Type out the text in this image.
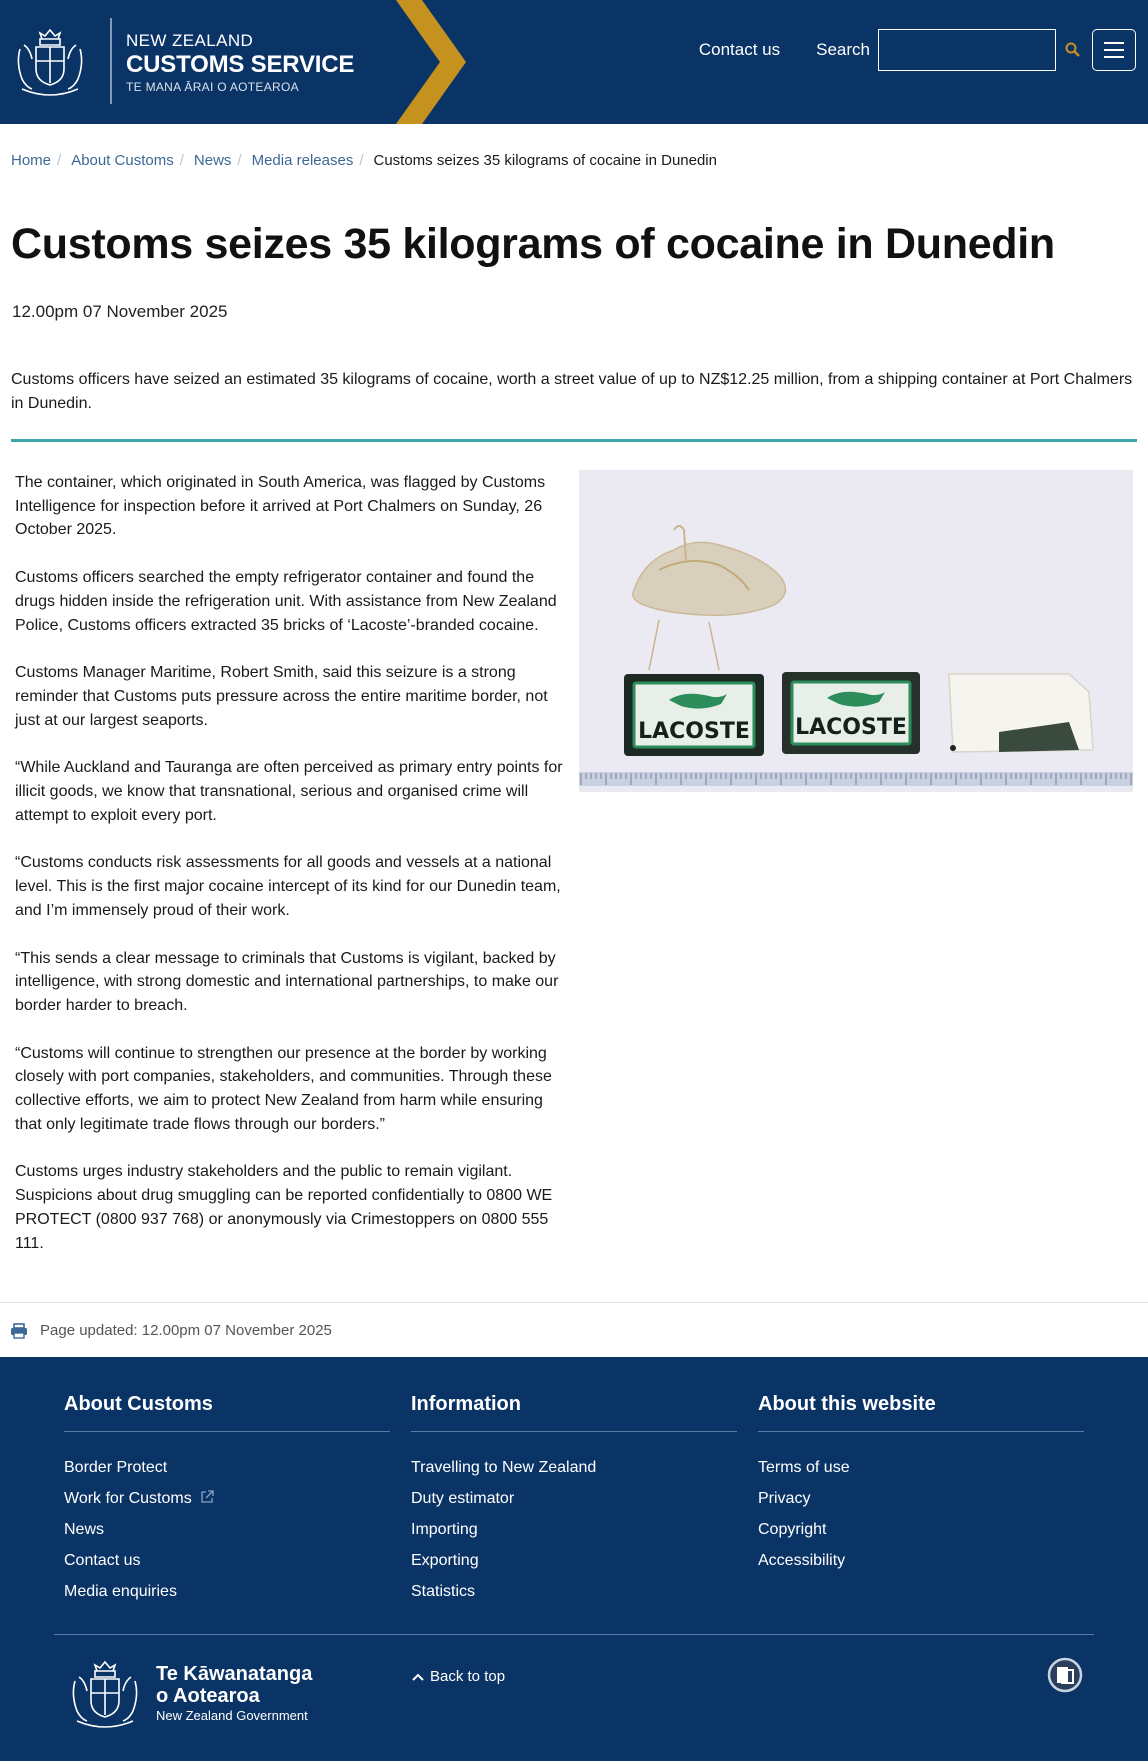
NEW ZEALAND
CUSTOMS SERVICE
TE MANA ĀRAI O AOTEAROA
Contact us Search
Home / About Customs / News / Media releases / Customs seizes 35 kilograms of cocaine in Dunedin
Customs seizes 35 kilograms of cocaine in Dunedin
12.00pm 07 November 2025

Customs officers have seized an estimated 35 kilograms of cocaine, worth a street value of up to NZ$12.25 million, from a shipping container at Port Chalmers in Dunedin.

The container, which originated in South America, was flagged by Customs Intelligence for inspection before it arrived at Port Chalmers on Sunday, 26 October 2025.

Customs officers searched the empty refrigerator container and found the drugs hidden inside the refrigeration unit. With assistance from New Zealand Police, Customs officers extracted 35 bricks of ‘Lacoste’-branded cocaine.

Customs Manager Maritime, Robert Smith, said this seizure is a strong reminder that Customs puts pressure across the entire maritime border, not just at our largest seaports.

“While Auckland and Tauranga are often perceived as primary entry points for illicit goods, we know that transnational, serious and organised crime will attempt to exploit every port.

“Customs conducts risk assessments for all goods and vessels at a national level. This is the first major cocaine intercept of its kind for our Dunedin team, and I’m immensely proud of their work.

“This sends a clear message to criminals that Customs is vigilant, backed by intelligence, with strong domestic and international partnerships, to make our border harder to breach.

“Customs will continue to strengthen our presence at the border by working closely with port companies, stakeholders, and communities. Through these collective efforts, we aim to protect New Zealand from harm while ensuring that only legitimate trade flows through our borders.”

Customs urges industry stakeholders and the public to remain vigilant. Suspicions about drug smuggling can be reported confidentially to 0800 WE PROTECT (0800 937 768) or anonymously via Crimestoppers on 0800 555 111.

LACOSTE LACOSTE
Page updated: 12.00pm 07 November 2025
About Customs
Border Protect
Work for Customs
News
Contact us
Media enquiries
Information
Travelling to New Zealand
Duty estimator
Importing
Exporting
Statistics
About this website
Terms of use
Privacy
Copyright
Accessibility
Te Kāwanatanga
o Aotearoa
New Zealand Government
Back to top
